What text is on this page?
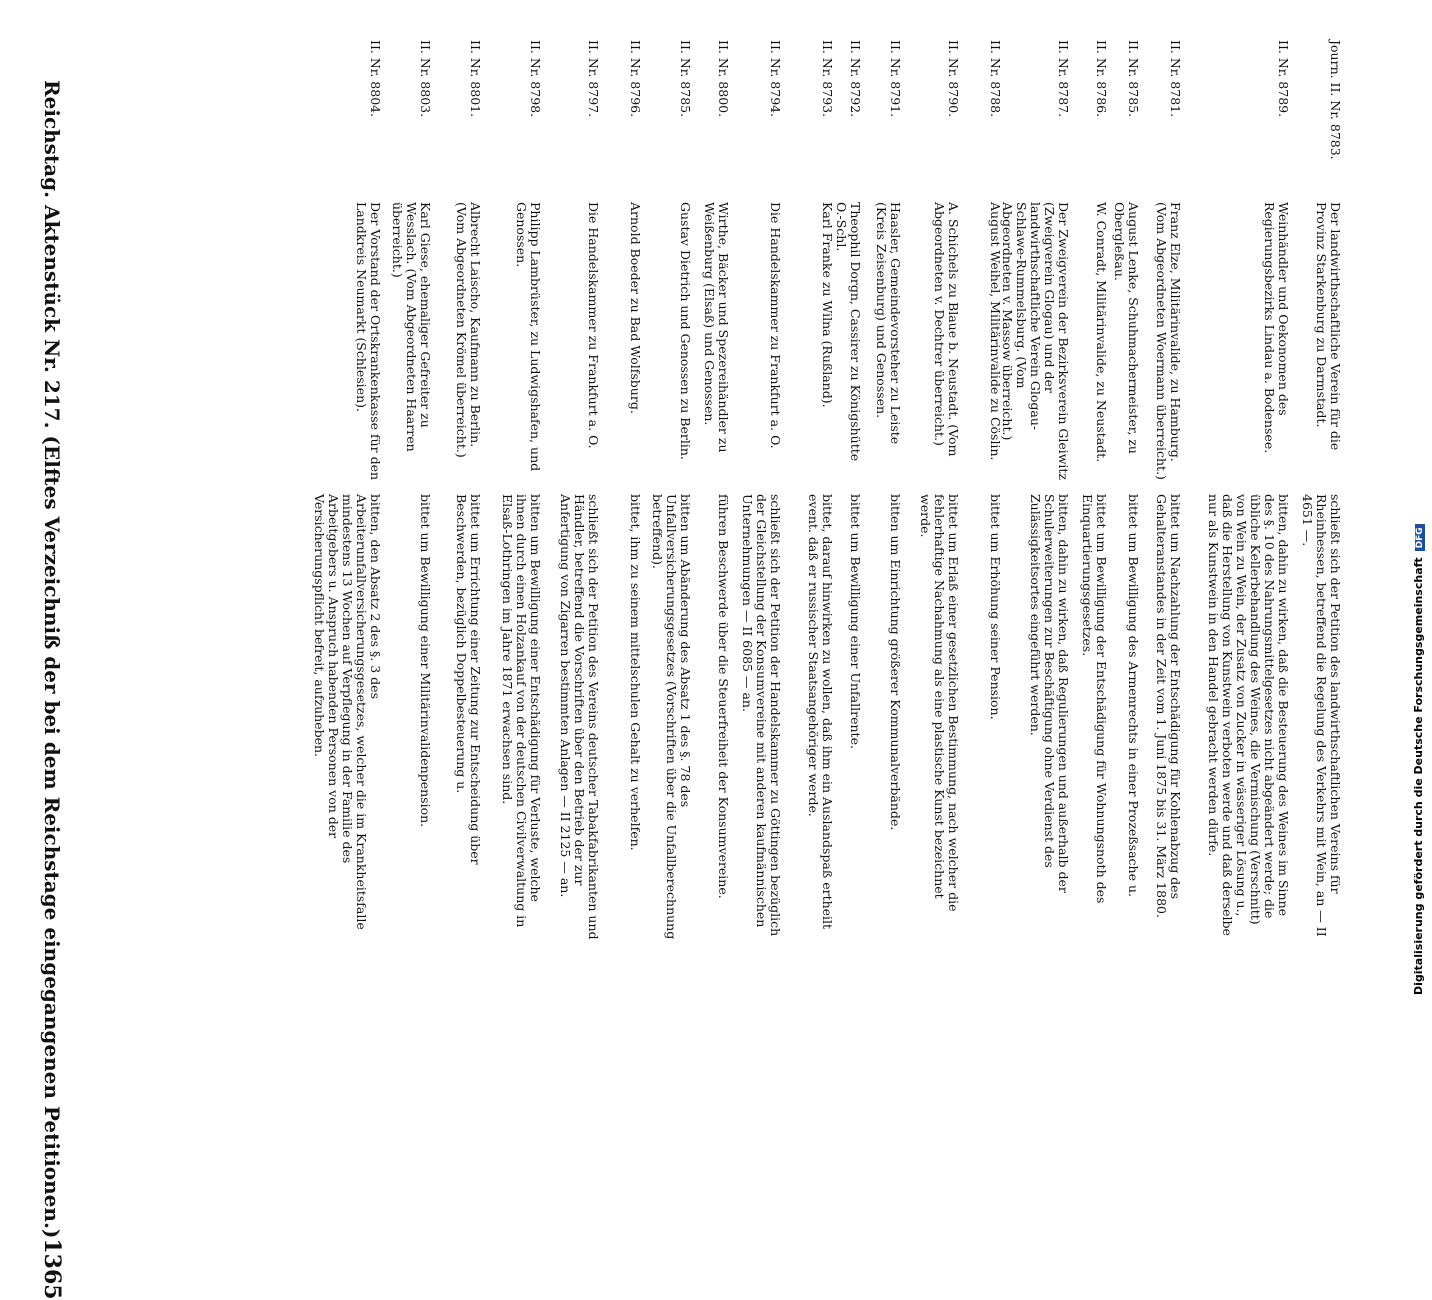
Reichstag. Aktenstück Nr. 217. (Elftes Verzeichniß der bei dem Reichstage eingegangenen Petitionen.)
1365
Journ. II. Nr. 8783.
Der landwirthschaftliche Verein für die Provinz Starkenburg zu Darmstadt.
schließt sich der Petition des landwirthschaftlichen Vereins für Rheinhessen, betreffend die Regelung des Verkehrs mit Wein, an — II 4651 —.
II. Nr. 8789.
Weinhändler und Oekonomen des Regierungsbezirks Lindau a. Bodensee.
bitten, dahin zu wirken, daß die Besteuerung des Weines im Sinne des §. 10 des Nahrungsmittelgesetzes nicht abgeändert werde; die übliche Kellerbehandlung des Weines, die Vermischung (Verschnitt) von Wein zu Wein, der Zusatz von Zucker in wässeriger Lösung u., daß die Herstellung von Kunstwein verboten werde und daß derselbe nur als Kunstwein in den Handel gebracht werden dürfe.
II. Nr. 8781.
Franz Elze, Militärinvalide, zu Hamburg. (Vom Abgeordneten Woermann überreicht.)
bittet um Nachzahlung der Entschädigung für Kohlenabzug des Gehalteranstandes in der Zeit vom 1. Juni 1875 bis 31. März 1880.
II. Nr. 8785.
August Lenke, Schuhmachermeister, zu Obergleßau.
bittet um Bewilligung des Armenrechts in einer Prozeßsache u.
II. Nr. 8786.
W. Conradt, Militärinvalide, zu Neustadt.
bittet um Bewilligung der Entschädigung für Wohnungsnoth des Einquartierungsgesetzes.
II. Nr. 8787.
Der Zweigverein der Bezirksverein Gleiwitz (Zweigverein Glogau) und der landwirthschaftliche Verein Glogau-Schlawe-Rummelsburg. (Vom Abgeordneten v. Massow überreicht.)
bitten, dahin zu wirken, daß Regulierungen und außerhalb der Schulerweiterungen zur Beschäftigung ohne Verdienst des Zulässigkeitsortes eingeführt werden.
II. Nr. 8788.
August Weihel, Militärinvalide zu Cöslin.
bittet um Erhöhung seiner Pension.
II. Nr. 8790.
A. Schichels zu Blaue b. Neustadt. (Vom Abgeordneten v. Dechtrer überreicht.)
bittet um Erlaß einer gesetzlichen Bestimmung, nach welcher die fehlerhaftige Nachahmung als eine plastische Kunst bezeichnet werde.
II. Nr. 8791.
Haasler, Gemeindevorsteher zu Leiste (Kreis Zeisenburg) und Genossen.
bitten um Einrichtung größerer Kommunalverbände.
II. Nr. 8792.
Theophil Dorgn, Cassirer zu Königshütte O.-Schl.
bittet um Bewilligung einer Unfallrente.
II. Nr. 8793.
Karl Franke zu Wilna (Rußland).
bittet, darauf hinwirken zu wollen, daß ihm ein Auslandspaß ertheilt event. daß er russischer Staatsangehöriger werde.
II. Nr. 8794.
Die Handelskammer zu Frankfurt a. O.
schließt sich der Petition der Handelskammer zu Göttingen bezüglich der Gleichstellung der Konsumvereine mit anderen kaufmännischen Unternehmungen — II 6085 — an.
II. Nr. 8800.
Wirthe, Bäcker und Spezereihändler zu Weißenburg (Elsaß) und Genossen.
führen Beschwerde über die Steuerfreiheit der Konsumvereine.
II. Nr. 8785.
Gustav Dietrich und Genossen zu Berlin.
bitten um Abänderung des Absatz 1 des §. 78 des Unfallversicherungsgesetzes (Vorschriften über die Unfallberechnung betreffend).
II. Nr. 8796.
Arnold Boeder zu Bad Wolfsburg.
bittet, ihm zu seinem mittelschulen Gehalt zu verhelfen.
II. Nr. 8797.
Die Handelskammer zu Frankfurt a. O.
schließt sich der Petition des Vereins deutscher Tabakfabrikanten und Händler, betreffend die Vorschriften über den Betrieb der zur Anfertigung von Zigarren bestimmten Anlagen — II 2125 — an.
II. Nr. 8798.
Philipp Lambrüster, zu Ludwigshafen, und Genossen.
bitten um Bewilligung einer Entschädigung für Verluste, welche ihnen durch einen Holzankauf von der deutschen Civilverwaltung in Elsaß-Lothringen im Jahre 1871 erwachsen sind.
II. Nr. 8801.
Albrecht Laischo, Kaufmann zu Berlin. (Vom Abgeordneten Krömel überreicht.)
bittet um Errichtung einer Zeitung zur Entscheidung über Beschwerden, bezüglich Doppelbesteuerung u.
II. Nr. 8803.
Karl Giese, ehemaliger Gefreiter zu Wesslach. (Vom Abgeordneten Haarren überreicht.)
bittet um Bewilligung einer Militärinvalidenpension.
II. Nr. 8804.
Der Vorstand der Ortskrankenkasse für den Landkreis Neumarkt (Schlesien).
bitten, den Absatz 2 des §. 3 des Arbeiterunfallversicherungsgesetzes, welcher die im Krankheitsfalle mindestens 13 Wochen auf Verpflegung in der Familie des Arbeitgebers u. Anspruch habenden Personen von der Versicherungspflicht befreit, aufzuheben.	Digitalisierung gefördert durch die Deutsche ForschungsgemeinschaftDFG
